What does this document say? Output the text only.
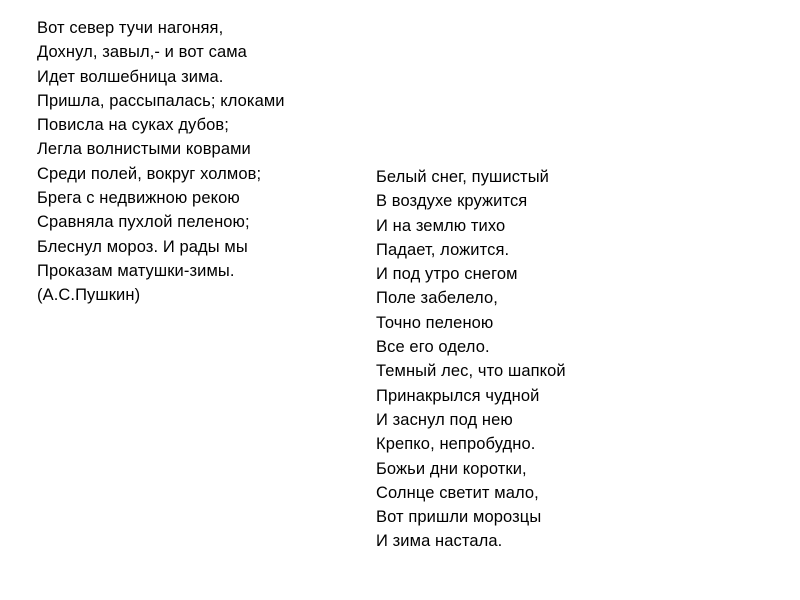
Вот север тучи нагоняя,
Дохнул, завыл,- и вот сама
Идет волшебница зима.
Пришла, рассыпалась; клоками
Повисла на суках дубов;
Легла волнистыми коврами
Среди полей, вокруг холмов;
Брега с недвижною рекою
Сравняла пухлой пеленою;
Блеснул мороз. И рады мы
Проказам матушки-зимы.
(А.С.Пушкин)
Белый снег, пушистый
В воздухе кружится
И на землю тихо
Падает, ложится.
И под утро снегом
Поле забелело,
Точно пеленою
Все его одело.
Темный лес, что шапкой
Принакрылся чудной
И заснул под нею
Крепко, непробудно.
Божьи дни коротки,
Солнце светит мало,
Вот пришли морозцы
И зима настала.
